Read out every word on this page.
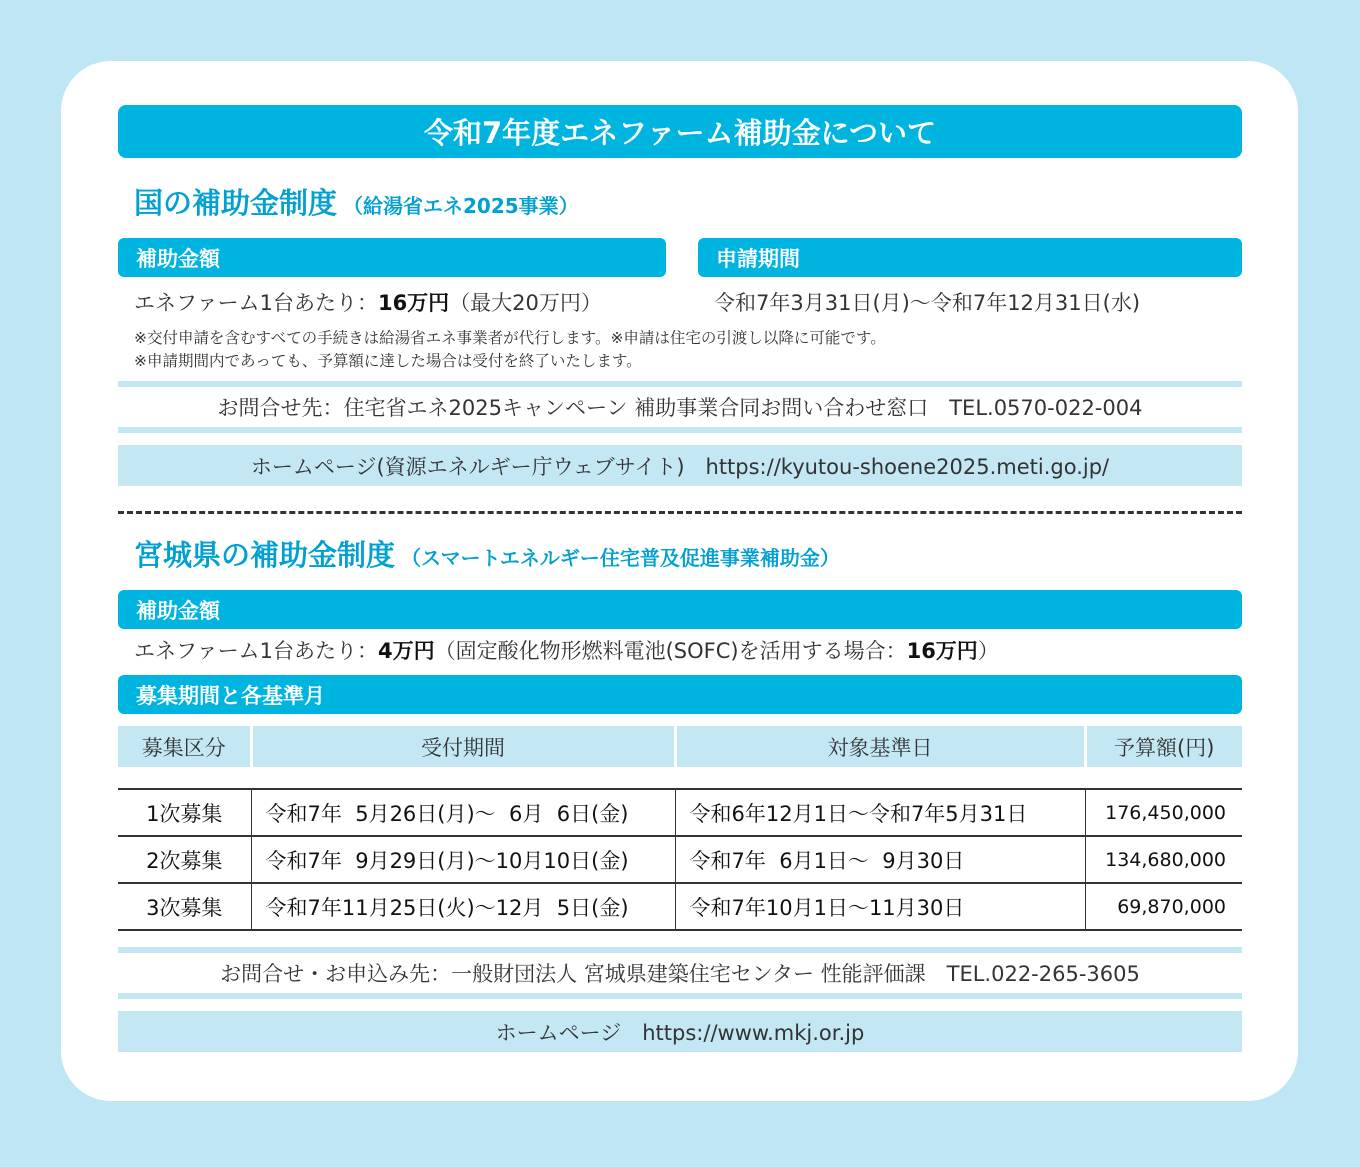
令和7年度エネファーム補助金について
国の補助金制度 （給湯省エネ2025事業）
補助金額
エネファーム1台あたり：16万円（最大20万円）
申請期間
令和7年3月31日(月)～令和7年12月31日(水)
※交付申請を含むすべての手続きは給湯省エネ事業者が代行します。※申請は住宅の引渡し以降に可能です。
※申請期間内であっても、予算額に達した場合は受付を終了いたします。
お問合せ先：住宅省エネ2025キャンペーン 補助事業合同お問い合わせ窓口　TEL.0570-022-004
ホームページ(資源エネルギー庁ウェブサイト)　https://kyutou-shoene2025.meti.go.jp/
宮城県の補助金制度 （スマートエネルギー住宅普及促進事業補助金）
補助金額
エネファーム1台あたり：4万円（固定酸化物形燃料電池(SOFC)を活用する場合：16万円）
募集期間と各基準月
募集区分	受付期間	対象基準日	予算額(円)

1次募集	令和7年  5月26日(月)～  6月  6日(金)	令和6年12月1日～令和7年5月31日	176,450,000
2次募集	令和7年  9月29日(月)～10月10日(金)	令和7年  6月1日～  9月30日	134,680,000
3次募集	令和7年11月25日(火)～12月  5日(金)	令和7年10月1日～11月30日	69,870,000
お問合せ・お申込み先：一般財団法人 宮城県建築住宅センター 性能評価課　TEL.022-265-3605
ホームページ　https://www.mkj.or.jp
